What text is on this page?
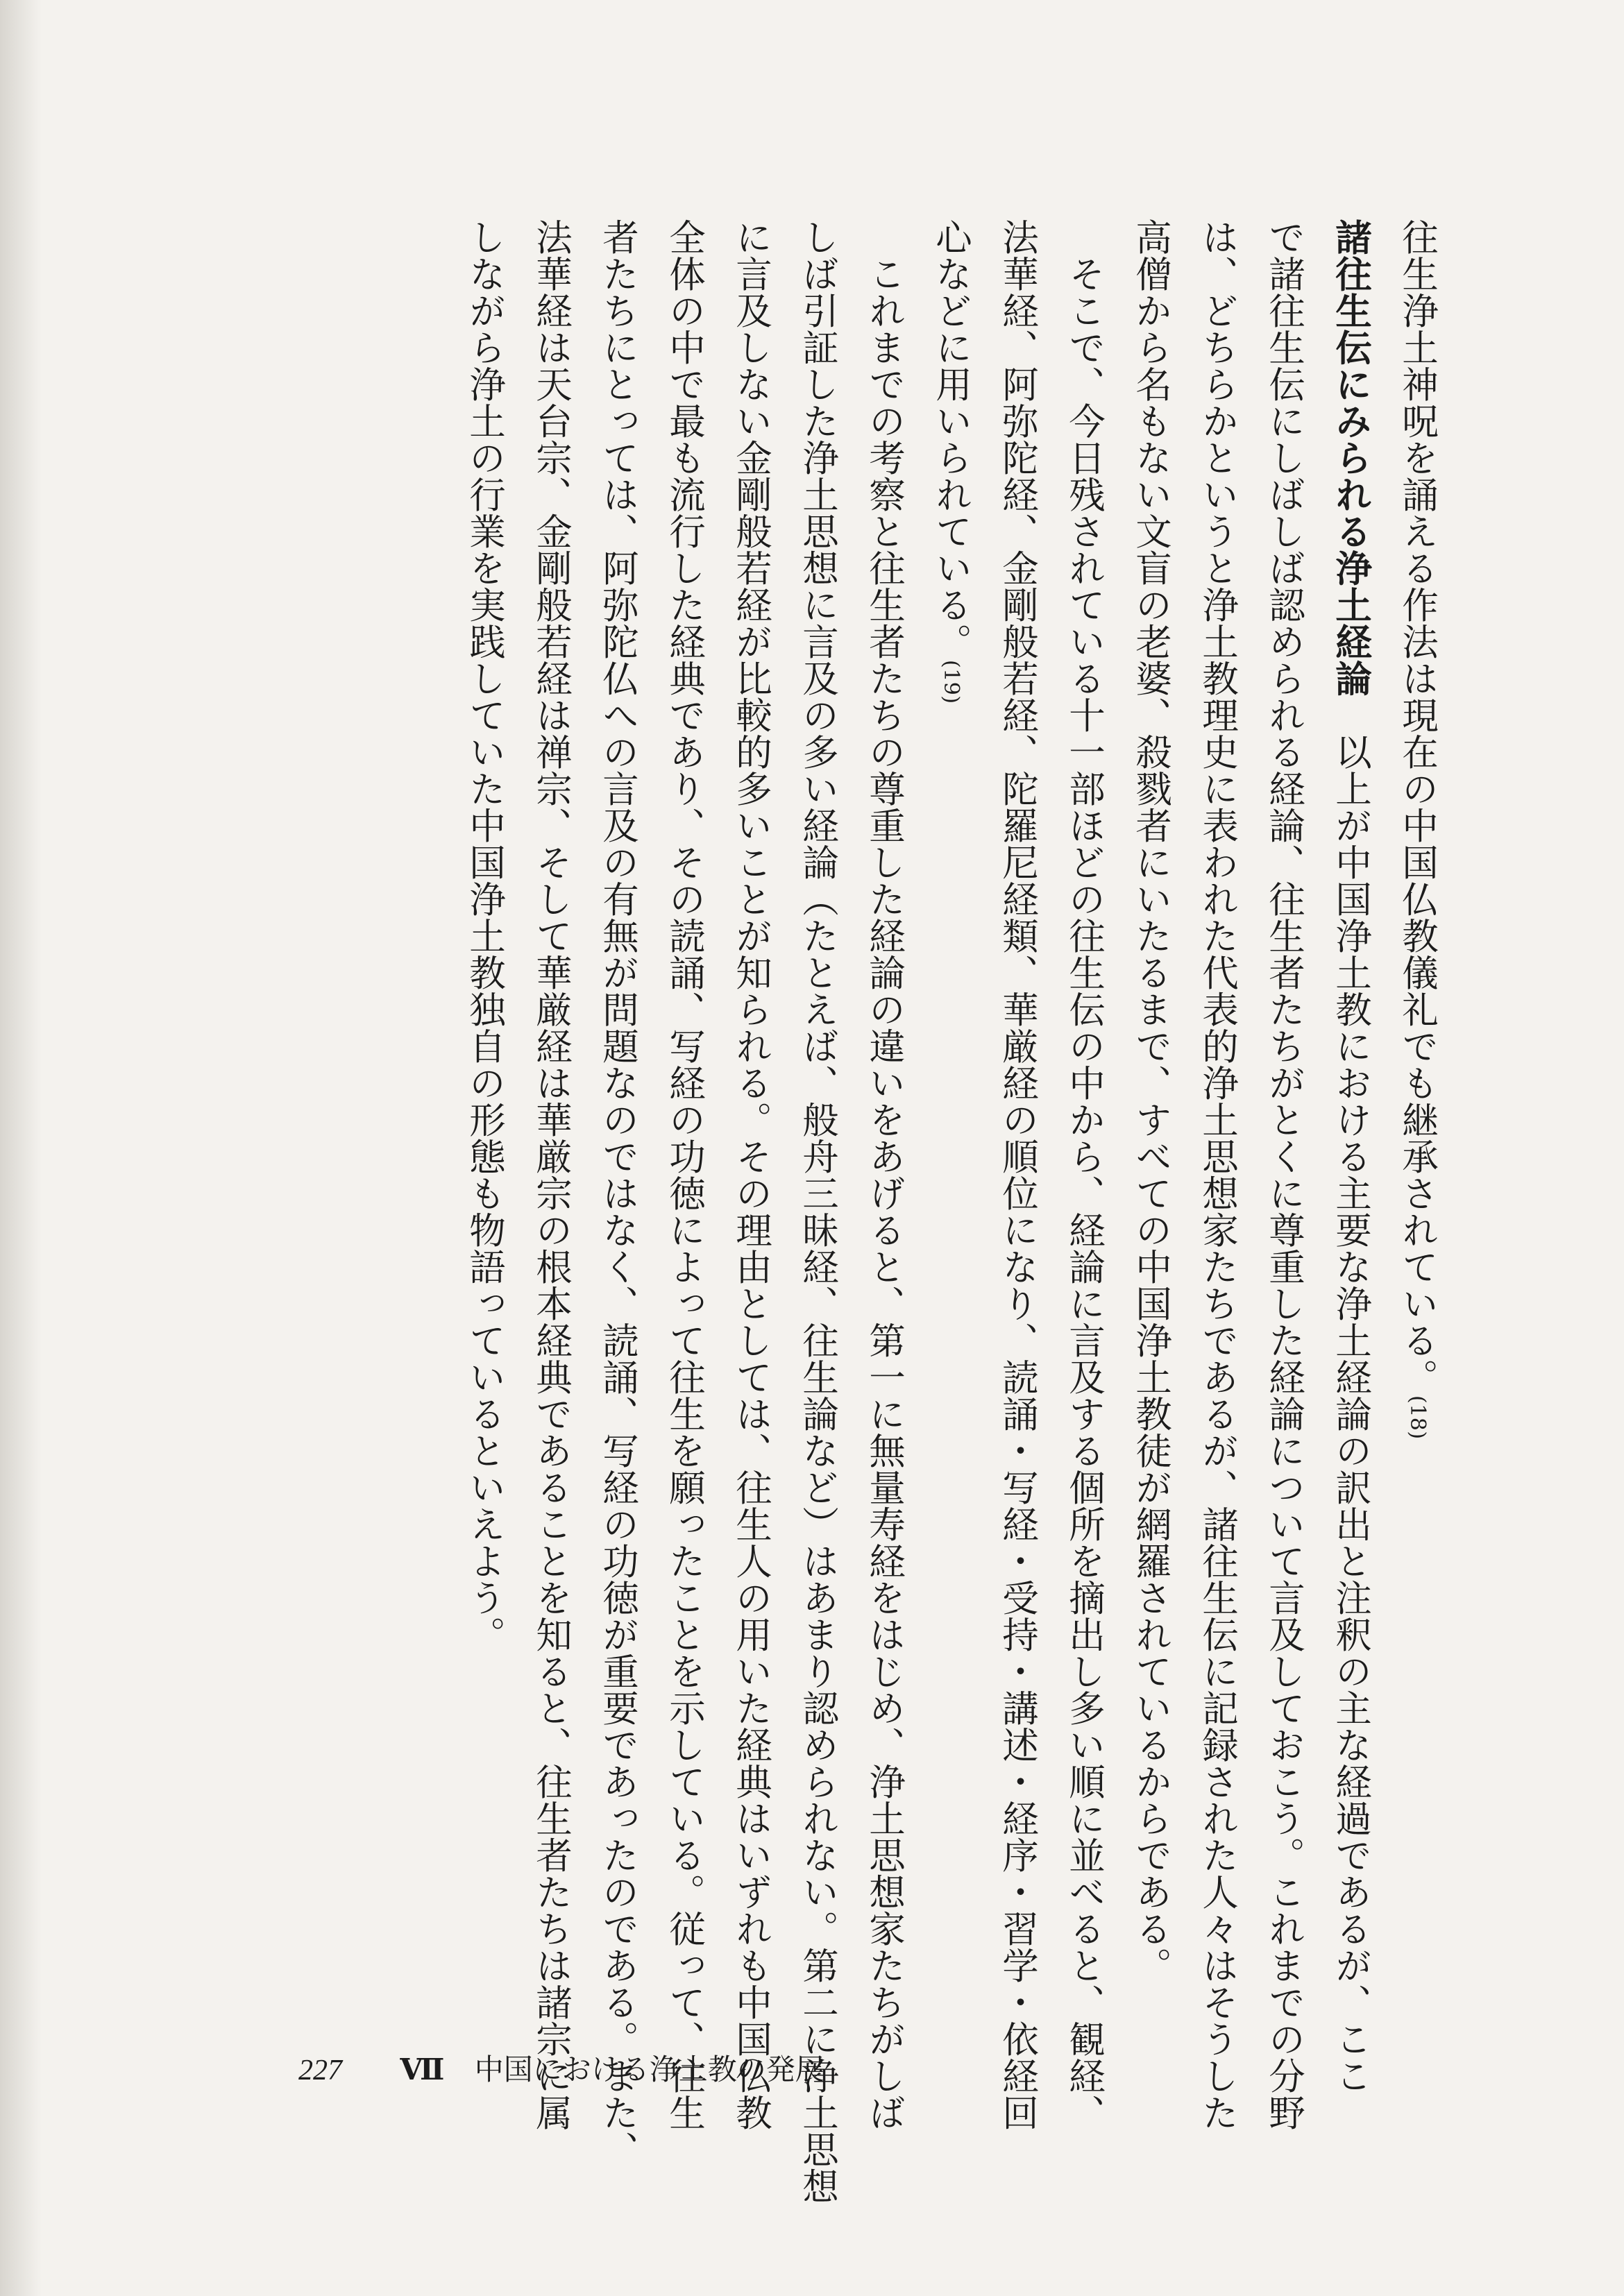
往生浄土神呪を誦える作法は現在の中国仏教儀礼でも継承されている。(18)
諸往生伝にみられる浄土経論　以上が中国浄土教における主要な浄土経論の訳出と注釈の主な経過であるが、ここ
で諸往生伝にしばしば認められる経論、往生者たちがとくに尊重した経論について言及しておこう。これまでの分野
は、どちらかというと浄土教理史に表われた代表的浄土思想家たちであるが、諸往生伝に記録された人々はそうした
高僧から名もない文盲の老婆、殺戮者にいたるまで、すべての中国浄土教徒が網羅されているからである。
そこで、今日残されている十一部ほどの往生伝の中から、経論に言及する個所を摘出し多い順に並べると、観経、
法華経、阿弥陀経、金剛般若経、陀羅尼経類、華厳経の順位になり、読誦・写経・受持・講述・経序・習学・依経回
心などに用いられている。(19)
これまでの考察と往生者たちの尊重した経論の違いをあげると、第一に無量寿経をはじめ、浄土思想家たちがしば
しば引証した浄土思想に言及の多い経論（たとえば、般舟三昧経、往生論など）はあまり認められない。第二に浄土思想
に言及しない金剛般若経が比較的多いことが知られる。その理由としては、往生人の用いた経典はいずれも中国仏教
全体の中で最も流行した経典であり、その読誦、写経の功徳によって往生を願ったことを示している。従って、往生
者たちにとっては、阿弥陀仏への言及の有無が問題なのではなく、読誦、写経の功徳が重要であったのである。また、
法華経は天台宗、金剛般若経は禅宗、そして華厳経は華厳宗の根本経典であることを知ると、往生者たちは諸宗に属
しながら浄土の行業を実践していた中国浄土教独自の形態も物語っているといえよう。
227 Ⅶ 中国における浄土教の発展
